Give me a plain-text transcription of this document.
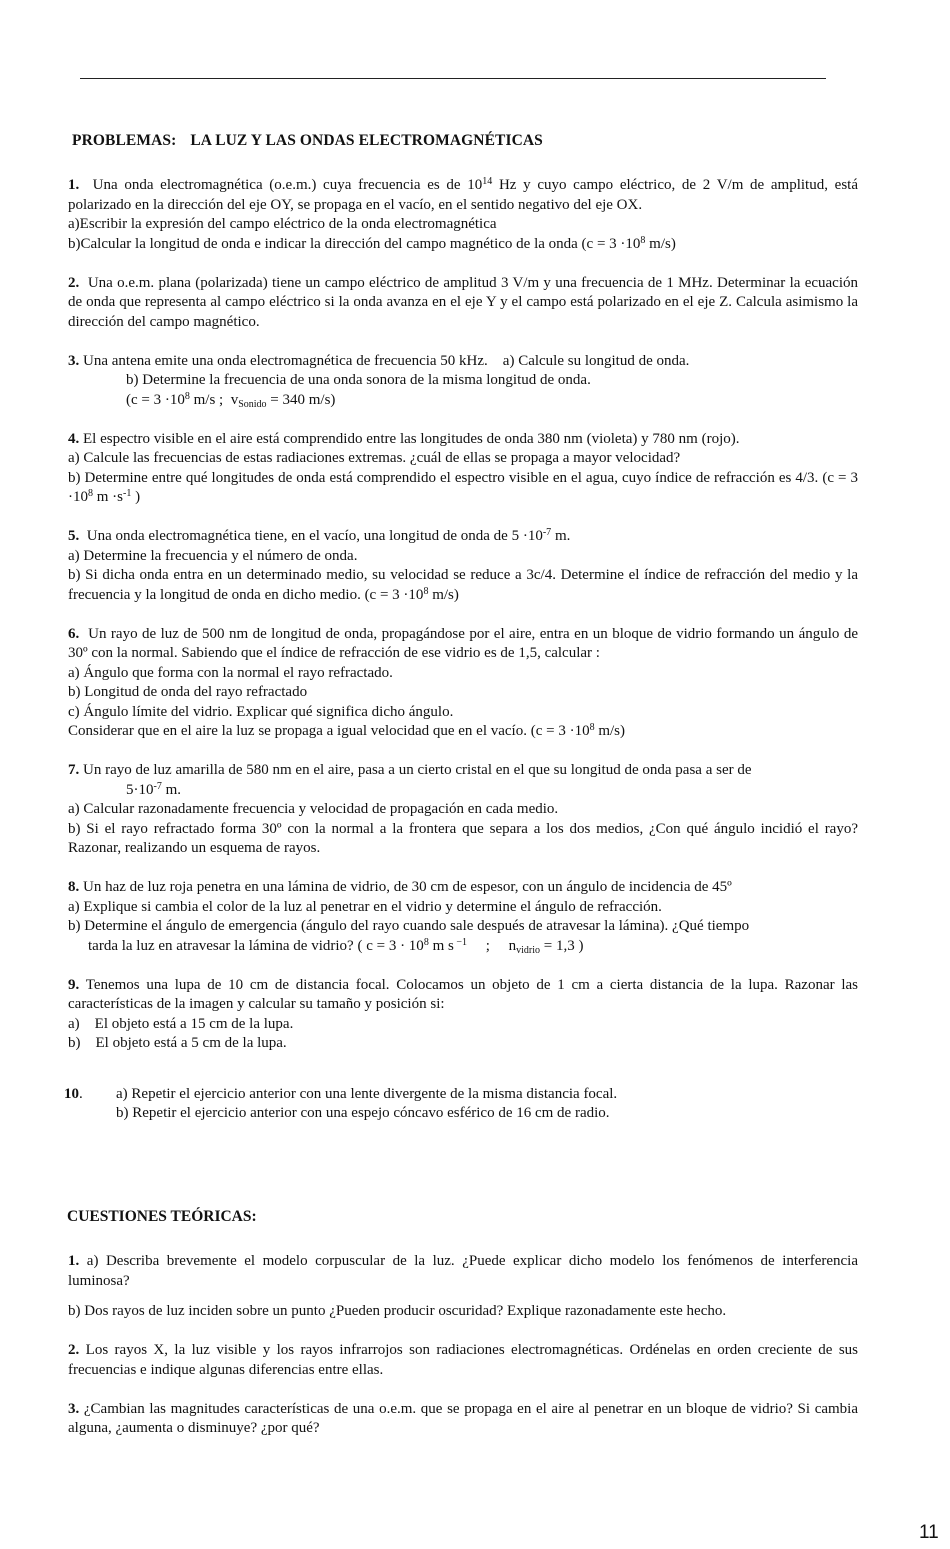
PROBLEMAS: LA LUZ Y LAS ONDAS ELECTROMAGNÉTICAS

1. Una onda electromagnética (o.e.m.) cuya frecuencia es de $10^{14}$ Hz y cuyo campo eléctrico, de 2 V/m de amplitud, está polarizado en la dirección del eje OY, se propaga en el vacío, en el sentido negativo del eje OX.

a)Escribir la expresión del campo eléctrico de la onda electromagnética

b)Calcular la longitud de onda e indicar la dirección del campo magnético de la onda ($c = 3 \cdot 10^8$ m/s)

2. Una o.e.m. plana (polarizada) tiene un campo eléctrico de amplitud 3 V/m y una frecuencia de 1 MHz. Determinar la ecuación de onda que representa al campo eléctrico si la onda avanza en el eje Y y el campo está polarizado en el eje Z. Calcula asimismo la dirección del campo magnético.

3. Una antena emite una onda electromagnética de frecuencia 50 kHz.    a) Calcule su longitud de onda.

b) Determine la frecuencia de una onda sonora de la misma longitud de onda.

($c = 3 \cdot 10^8$ m/s ;  $v_{Sonido} = 340$ m/s)

4. El espectro visible en el aire está comprendido entre las longitudes de onda 380 nm (violeta) y 780 nm (rojo).

a) Calcule las frecuencias de estas radiaciones extremas. ¿cuál de ellas se propaga a mayor velocidad?

b) Determine entre qué longitudes de onda está comprendido el espectro visible en el agua, cuyo índice de refracción es 4/3. ($c = 3 \cdot 10^8$ $m \cdot s^{-1}$ )

5. Una onda electromagnética tiene, en el vacío, una longitud de onda de $5 \cdot 10^{-7}$ m.

a) Determine la frecuencia y el número de onda.

b) Si dicha onda entra en un determinado medio, su velocidad se reduce a 3c/4. Determine el índice de refracción del medio y la frecuencia y la longitud de onda en dicho medio. ($c = 3 \cdot 10^8$ m/s)

6. Un rayo de luz de 500 nm de longitud de onda, propagándose por el aire, entra en un bloque de vidrio formando un ángulo de 30º con la normal. Sabiendo que el índice de refracción de ese vidrio es de 1,5, calcular :

a) Ángulo que forma con la normal el rayo refractado.

b) Longitud de onda del rayo refractado

c) Ángulo límite del vidrio. Explicar qué significa dicho ángulo.

Considerar que en el aire la luz se propaga a igual velocidad que en el vacío. ($c = 3 \cdot 10^8$ m/s)

7. Un rayo de luz amarilla de 580 nm en el aire, pasa a un cierto cristal en el que su longitud de onda pasa a ser de

$5\cdot 10^{-7}$ m.

a) Calcular razonadamente frecuencia y velocidad de propagación en cada medio.

b) Si el rayo refractado forma 30º con la normal a la frontera que separa a los dos medios, ¿Con qué ángulo incidió el rayo? Razonar, realizando un esquema de rayos.

8. Un haz de luz roja penetra en una lámina de vidrio, de 30 cm de espesor, con un ángulo de incidencia de 45º

a) Explique si cambia el color de la luz al penetrar en el vidrio y determine el ángulo de refracción.

b) Determine el ángulo de emergencia (ángulo del rayo cuando sale después de atravesar la lámina). ¿Qué tiempo

tarda la luz en atravesar la lámina de vidrio? ( $c = 3 \cdot 10^8$ m s $^{-1}$     ;     $n_{vidrio} = 1,3$ )

9. Tenemos una lupa de 10 cm de distancia focal. Colocamos un objeto de 1 cm a cierta distancia de la lupa. Razonar las características de la imagen y calcular su tamaño y posición si:

a)    El objeto está a 15 cm de la lupa.

b)    El objeto está a 5 cm de la lupa.

10.	a) Repetir el ejercicio anterior con una lente divergente de la misma distancia focal.

b) Repetir el ejercicio anterior con una espejo cóncavo esférico de 16 cm de radio.

CUESTIONES TEÓRICAS:

1. a) Describa brevemente el modelo corpuscular de la luz. ¿Puede explicar dicho modelo los fenómenos de interferencia luminosa?

b) Dos rayos de luz inciden sobre un punto ¿Pueden producir oscuridad? Explique razonadamente este hecho.

2. Los rayos X, la luz visible y los rayos infrarrojos son radiaciones electromagnéticas. Ordénelas en orden creciente de sus frecuencias e indique algunas diferencias entre ellas.

3. ¿Cambian las magnitudes características de una o.e.m. que se propaga en el aire al penetrar en un bloque de vidrio? Si cambia alguna, ¿aumenta o disminuye? ¿por qué?

11
